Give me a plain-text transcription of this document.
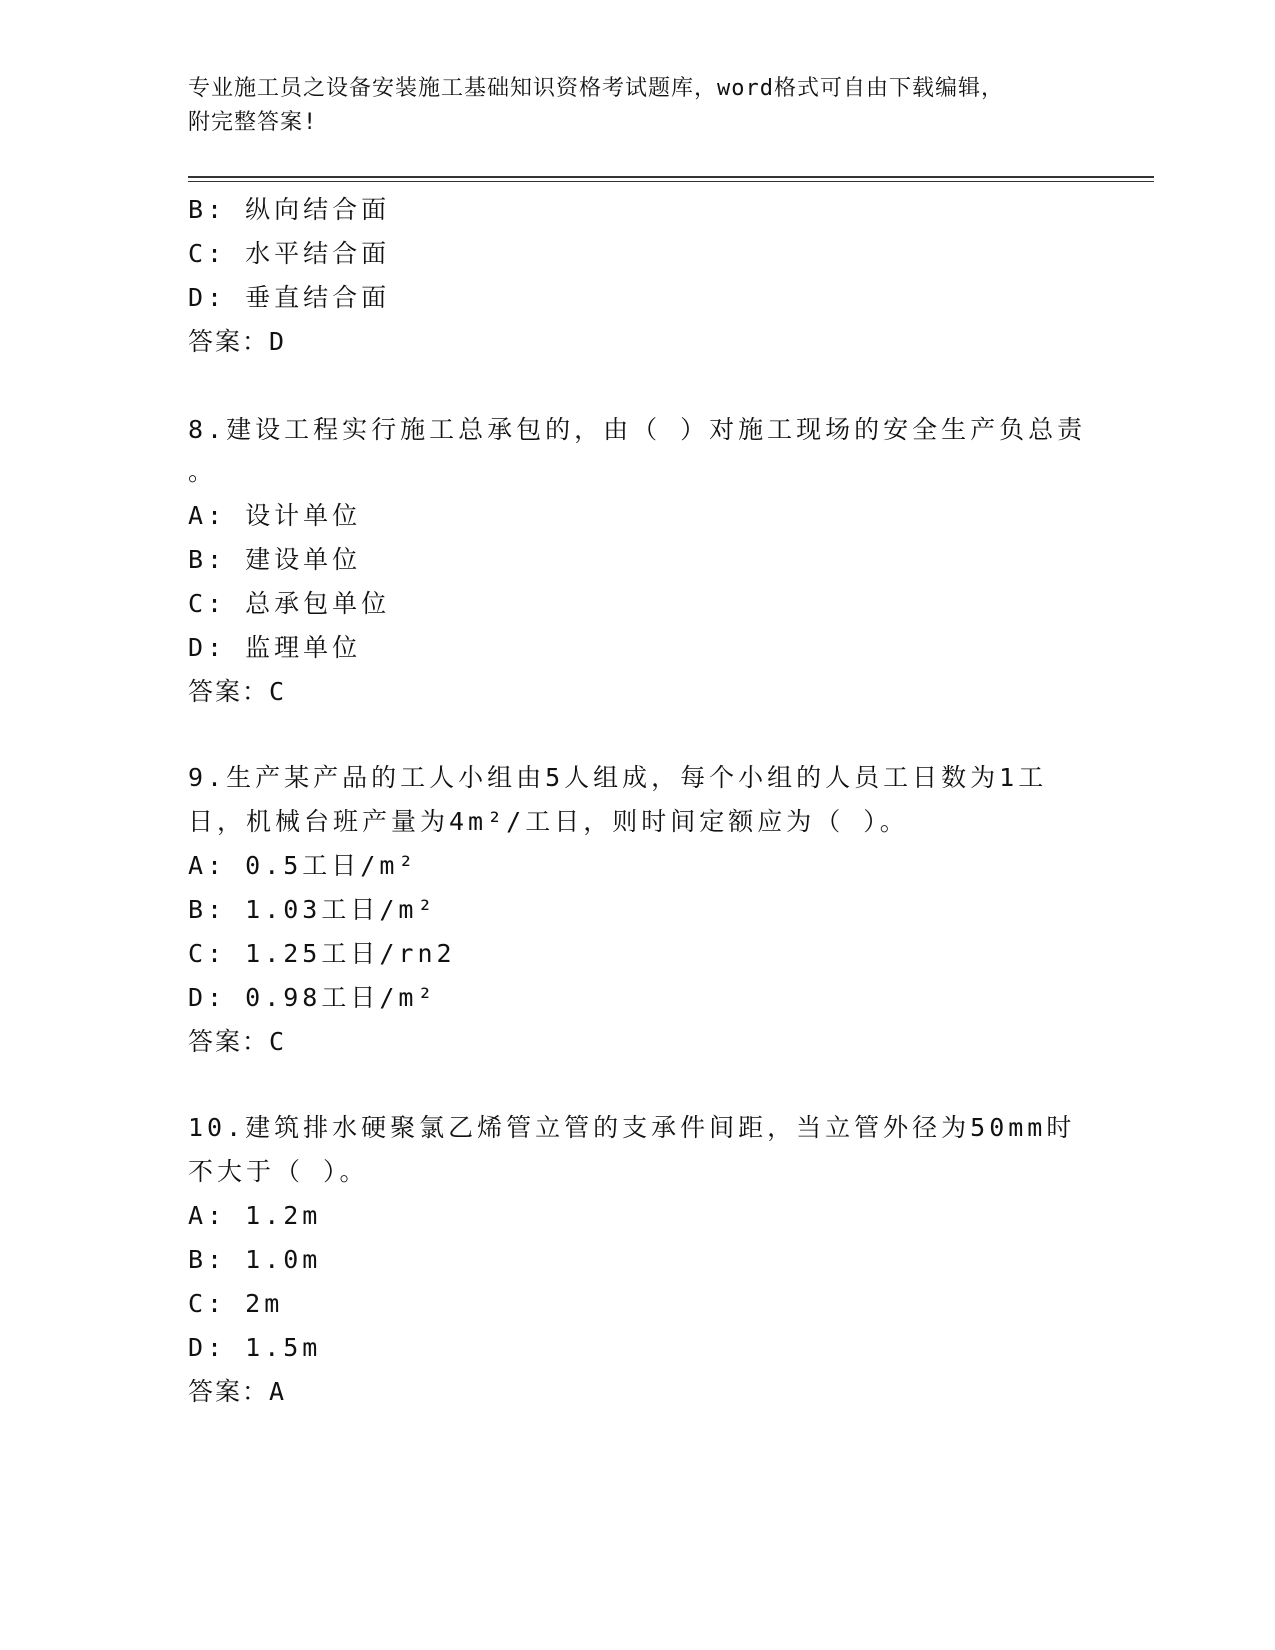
专业施工员之设备安装施工基础知识资格考试题库，word格式可自由下载编辑，
附完整答案!
B: 纵向结合面
C: 水平结合面
D: 垂直结合面
答案：D
8.建设工程实行施工总承包的，由（ ）对施工现场的安全生产负总责
。
A: 设计单位
B: 建设单位
C: 总承包单位
D: 监理单位
答案：C
9.生产某产品的工人小组由5人组成，每个小组的人员工日数为1工
日，机械台班产量为4m²/工日，则时间定额应为（ ）。
A: 0.5工日/m²
B: 1.03工日/m²
C: 1.25工日/rn2
D: 0.98工日/m²
答案：C
10.建筑排水硬聚氯乙烯管立管的支承件间距，当立管外径为50mm时
不大于（ ）。
A: 1.2m
B: 1.0m
C: 2m
D: 1.5m
答案：A
